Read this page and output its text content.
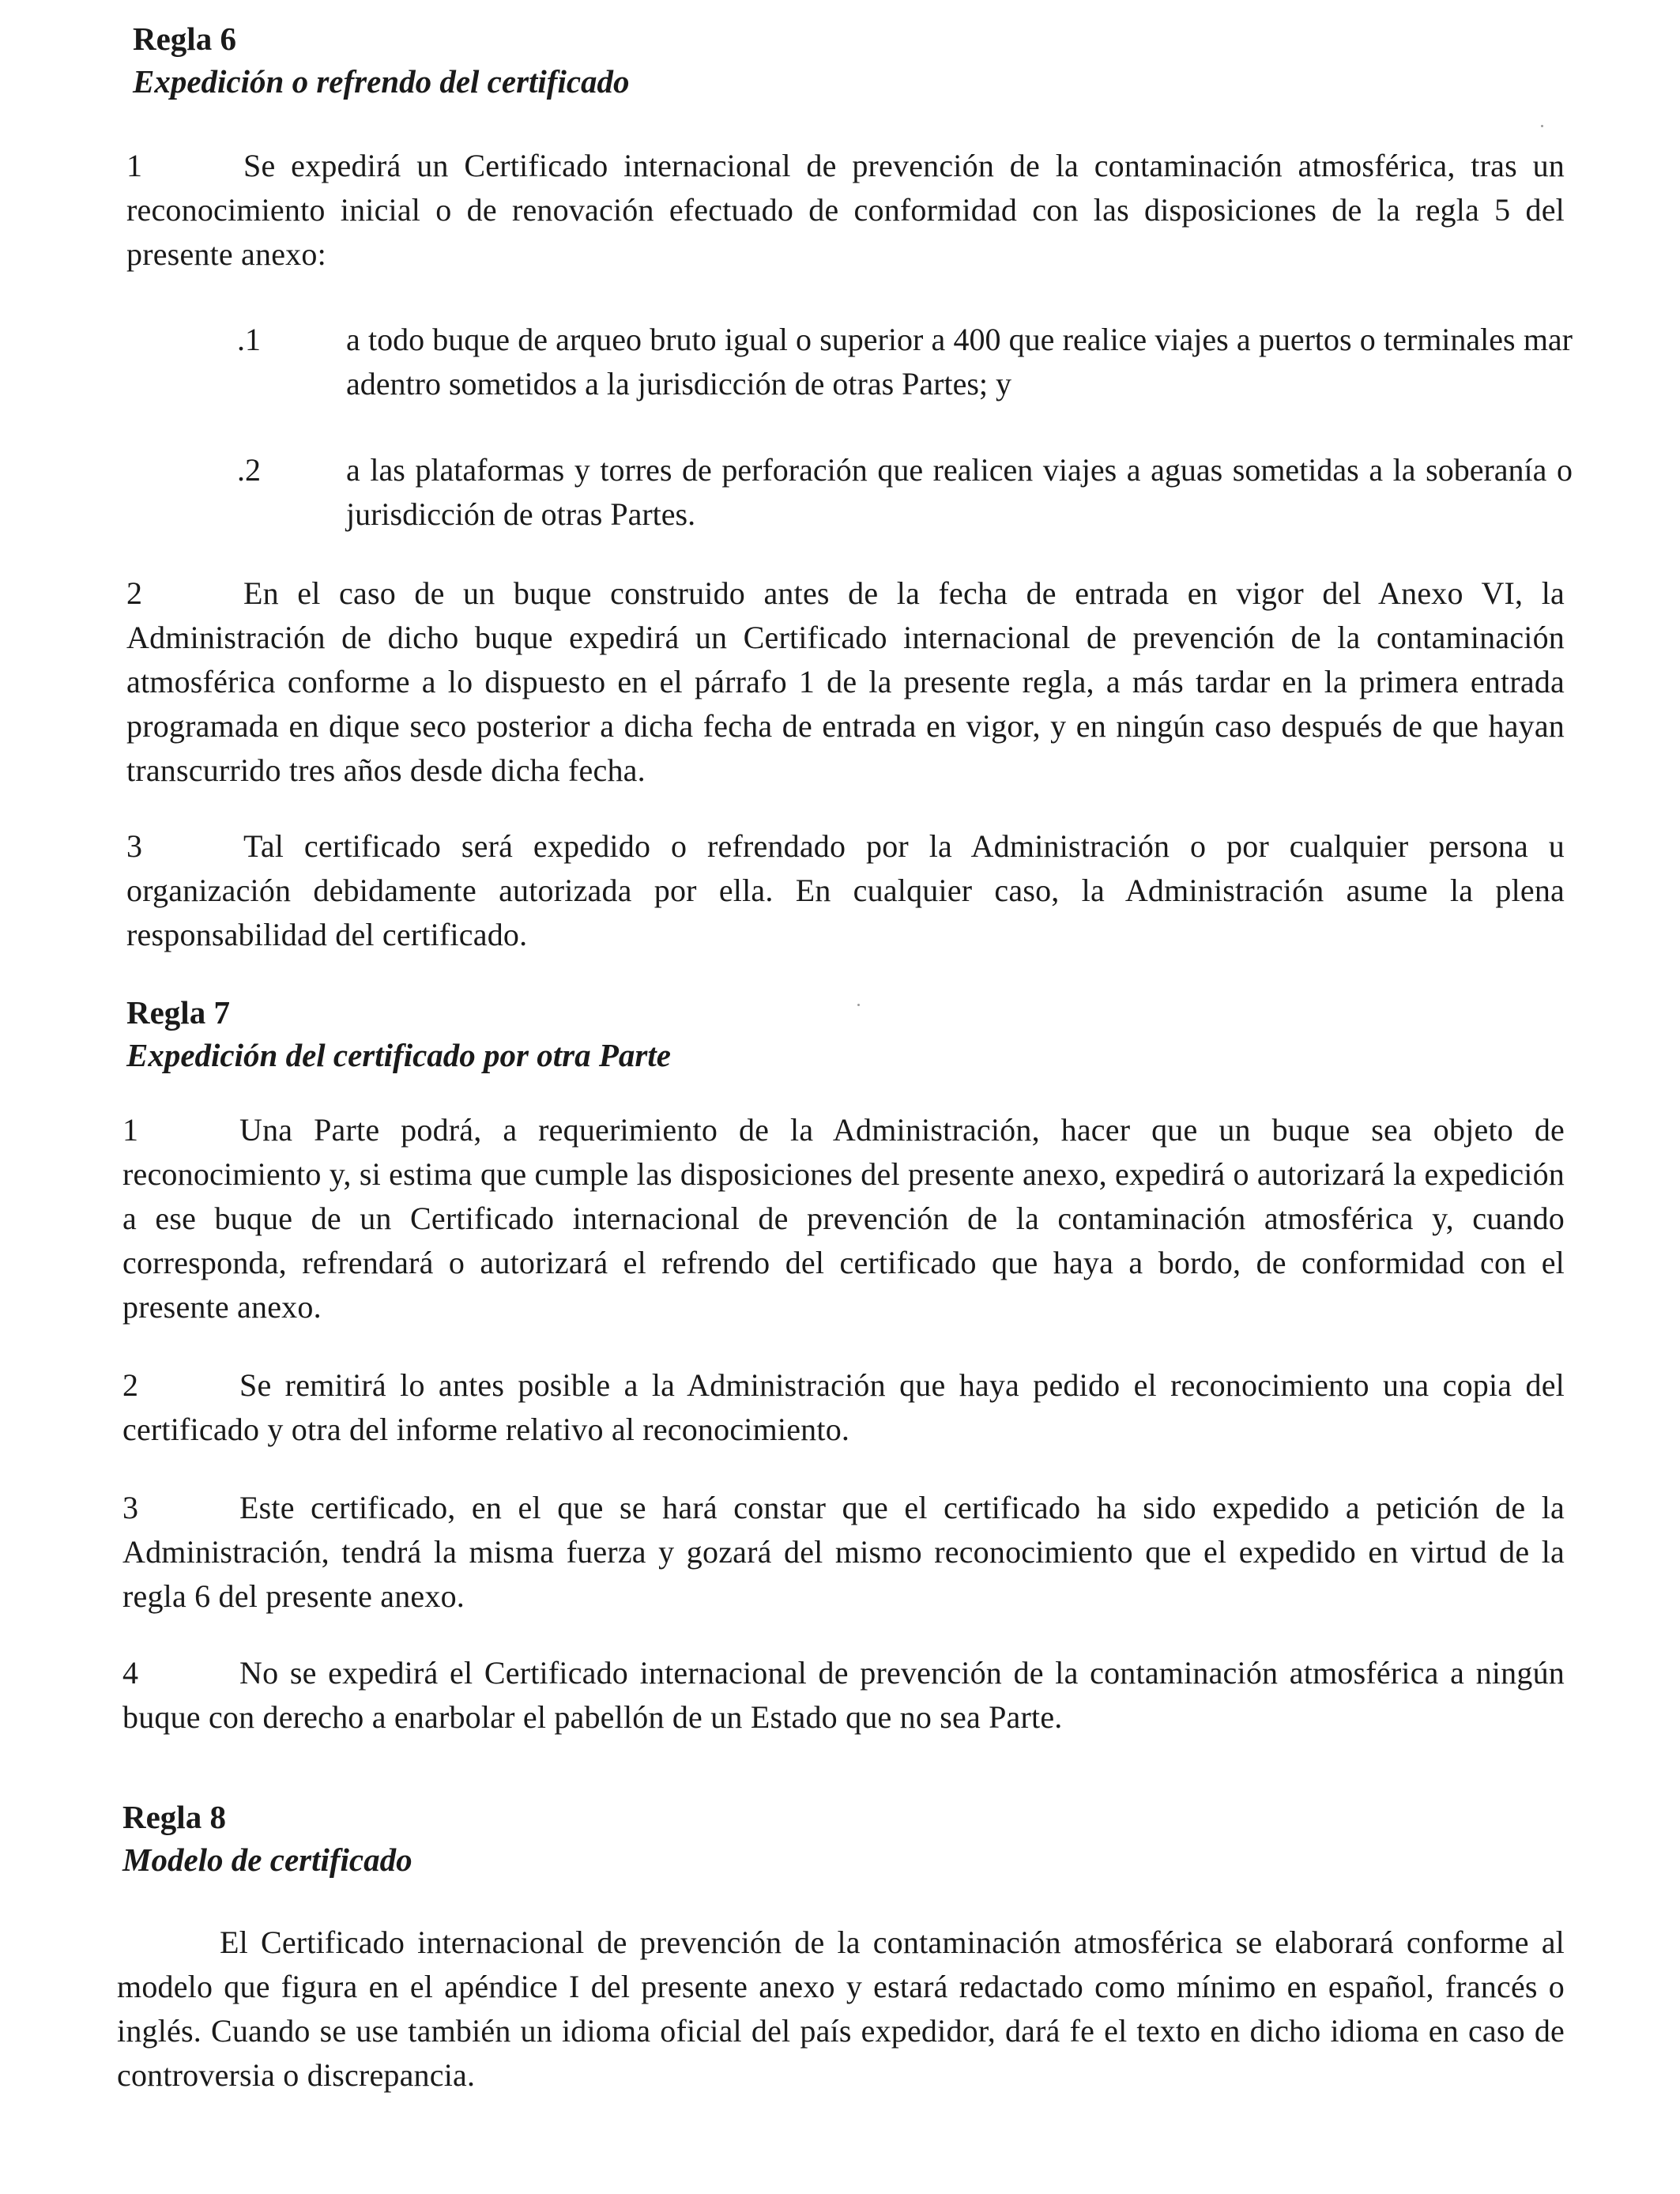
Regla 6

Expedición o refrendo del certificado

1	Se expedirá un Certificado internacional de prevención de la contaminación atmosférica, tras un reconocimiento inicial o de renovación efectuado de conformidad con las disposiciones de la regla 5 del presente anexo:

.1	a todo buque de arqueo bruto igual o superior a 400 que realice viajes a puertos o terminales mar adentro sometidos a la jurisdicción de otras Partes; y
.2	a las plataformas y torres de perforación que realicen viajes a aguas sometidas a la soberanía o jurisdicción de otras Partes.

2	En el caso de un buque construido antes de la fecha de entrada en vigor del Anexo VI, la Administración de dicho buque expedirá un Certificado internacional de prevención de la contaminación atmosférica conforme a lo dispuesto en el párrafo 1 de la presente regla, a más tardar en la primera entrada programada en dique seco posterior a dicha fecha de entrada en vigor, y en ningún caso después de que hayan transcurrido tres años desde dicha fecha.

3	Tal certificado será expedido o refrendado por la Administración o por cualquier persona u organización debidamente autorizada por ella. En cualquier caso, la Administración asume la plena responsabilidad del certificado.

Regla 7

Expedición del certificado por otra Parte

1	Una Parte podrá, a requerimiento de la Administración, hacer que un buque sea objeto de reconocimiento y, si estima que cumple las disposiciones del presente anexo, expedirá o autorizará la expedición a ese buque de un Certificado internacional de prevención de la contaminación atmosférica y, cuando corresponda, refrendará o autorizará el refrendo del certificado que haya a bordo, de conformidad con el presente anexo.

2	Se remitirá lo antes posible a la Administración que haya pedido el reconocimiento una copia del certificado y otra del informe relativo al reconocimiento.

3	Este certificado, en el que se hará constar que el certificado ha sido expedido a petición de la Administración, tendrá la misma fuerza y gozará del mismo reconocimiento que el expedido en virtud de la regla 6 del presente anexo.

4	No se expedirá el Certificado internacional de prevención de la contaminación atmosférica a ningún buque con derecho a enarbolar el pabellón de un Estado que no sea Parte.

Regla 8

Modelo de certificado

El Certificado internacional de prevención de la contaminación atmosférica se elaborará conforme al modelo que figura en el apéndice I del presente anexo y estará redactado como mínimo en español, francés o inglés. Cuando se use también un idioma oficial del país expedidor, dará fe el texto en dicho idioma en caso de controversia o discrepancia.
